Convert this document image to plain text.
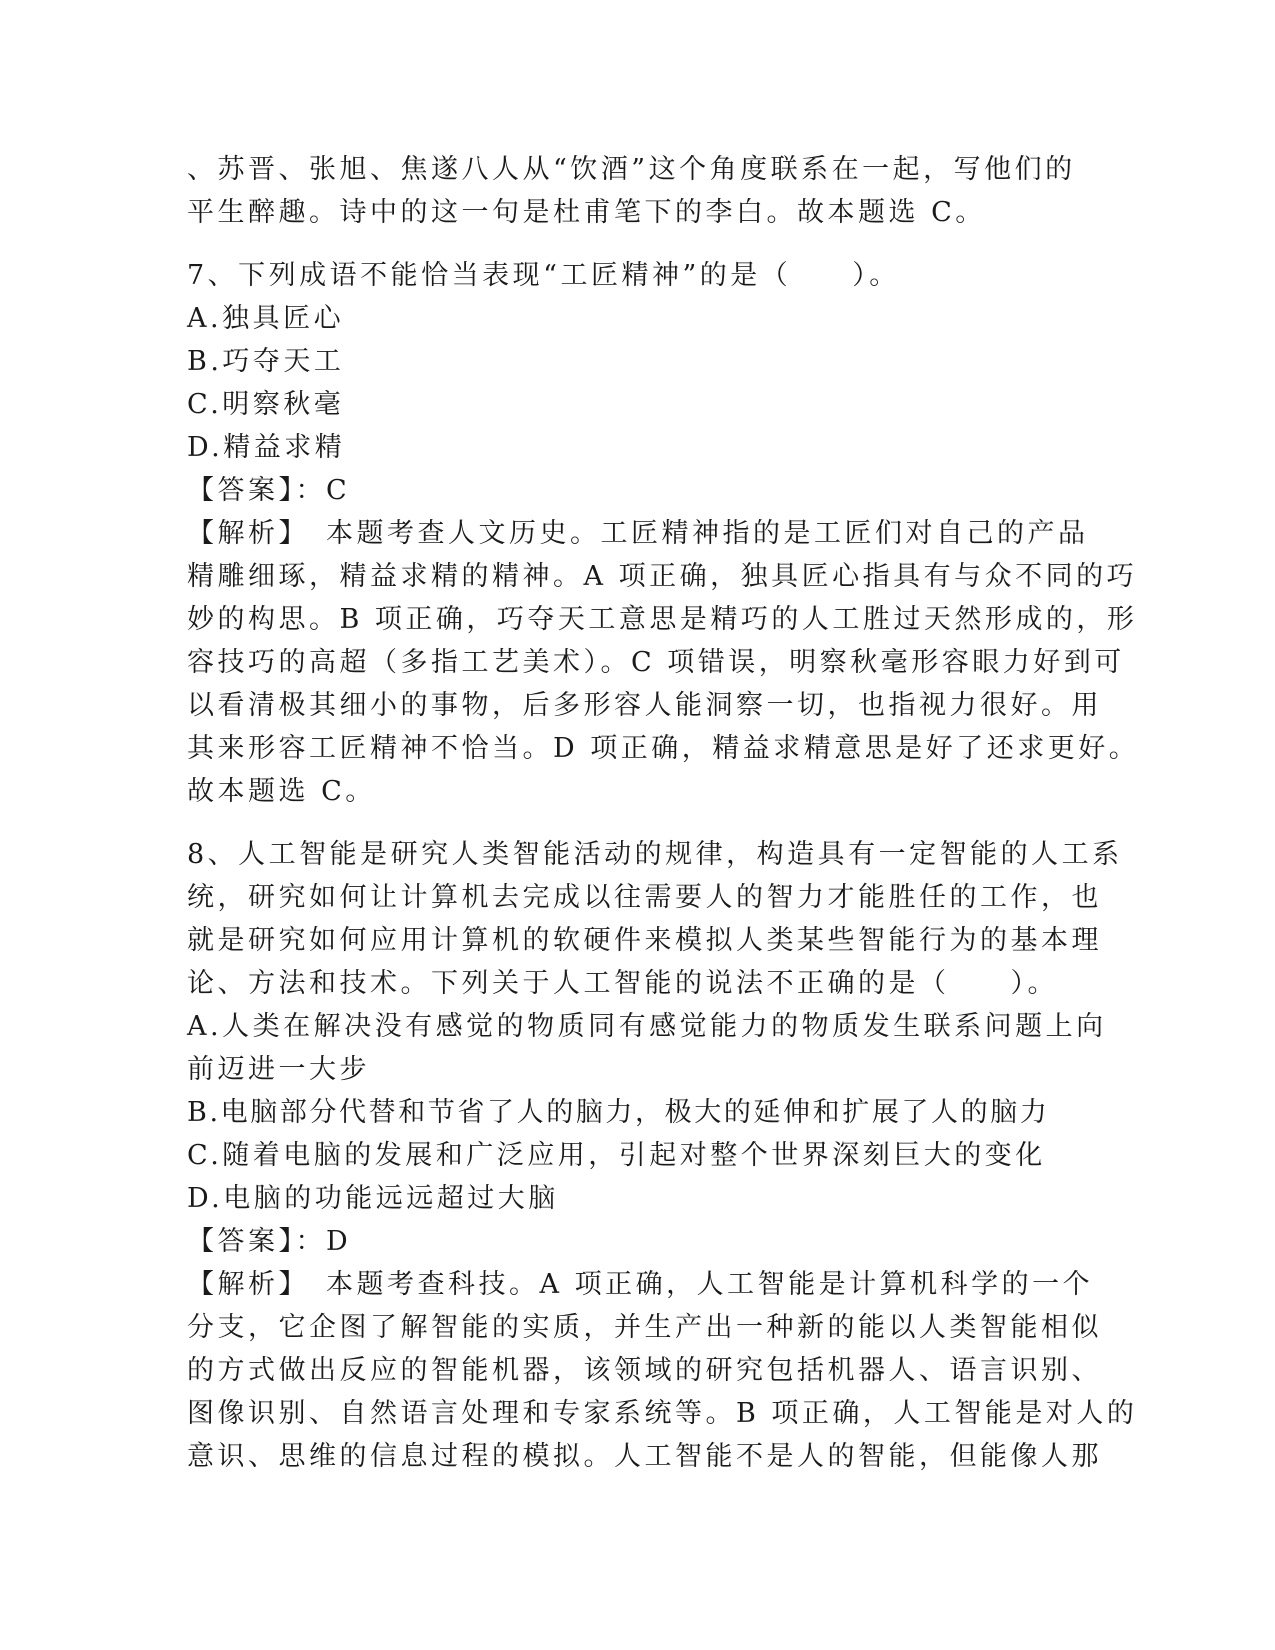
、苏晋、张旭、焦遂八人从“饮酒”这个角度联系在一起，写他们的
平生醉趣。诗中的这一句是杜甫笔下的李白。故本题选 C。
7、下列成语不能恰当表现“工匠精神”的是（　　）。
A.独具匠心
B.巧夺天工
C.明察秋毫
D.精益求精
【答案】：C
【解析】　本题考查人文历史。工匠精神指的是工匠们对自己的产品
精雕细琢，精益求精的精神。A 项正确，独具匠心指具有与众不同的巧
妙的构思。B 项正确，巧夺天工意思是精巧的人工胜过天然形成的，形
容技巧的高超（多指工艺美术）。C 项错误，明察秋毫形容眼力好到可
以看清极其细小的事物，后多形容人能洞察一切，也指视力很好。用
其来形容工匠精神不恰当。D 项正确，精益求精意思是好了还求更好。
故本题选 C。
8、人工智能是研究人类智能活动的规律，构造具有一定智能的人工系
统，研究如何让计算机去完成以往需要人的智力才能胜任的工作，也
就是研究如何应用计算机的软硬件来模拟人类某些智能行为的基本理
论、方法和技术。下列关于人工智能的说法不正确的是（　　）。
A.人类在解决没有感觉的物质同有感觉能力的物质发生联系问题上向
前迈进一大步
B.电脑部分代替和节省了人的脑力，极大的延伸和扩展了人的脑力
C.随着电脑的发展和广泛应用，引起对整个世界深刻巨大的变化
D.电脑的功能远远超过大脑
【答案】：D
【解析】　本题考查科技。A 项正确，人工智能是计算机科学的一个
分支，它企图了解智能的实质，并生产出一种新的能以人类智能相似
的方式做出反应的智能机器，该领域的研究包括机器人、语言识别、
图像识别、自然语言处理和专家系统等。B 项正确，人工智能是对人的
意识、思维的信息过程的模拟。人工智能不是人的智能，但能像人那
